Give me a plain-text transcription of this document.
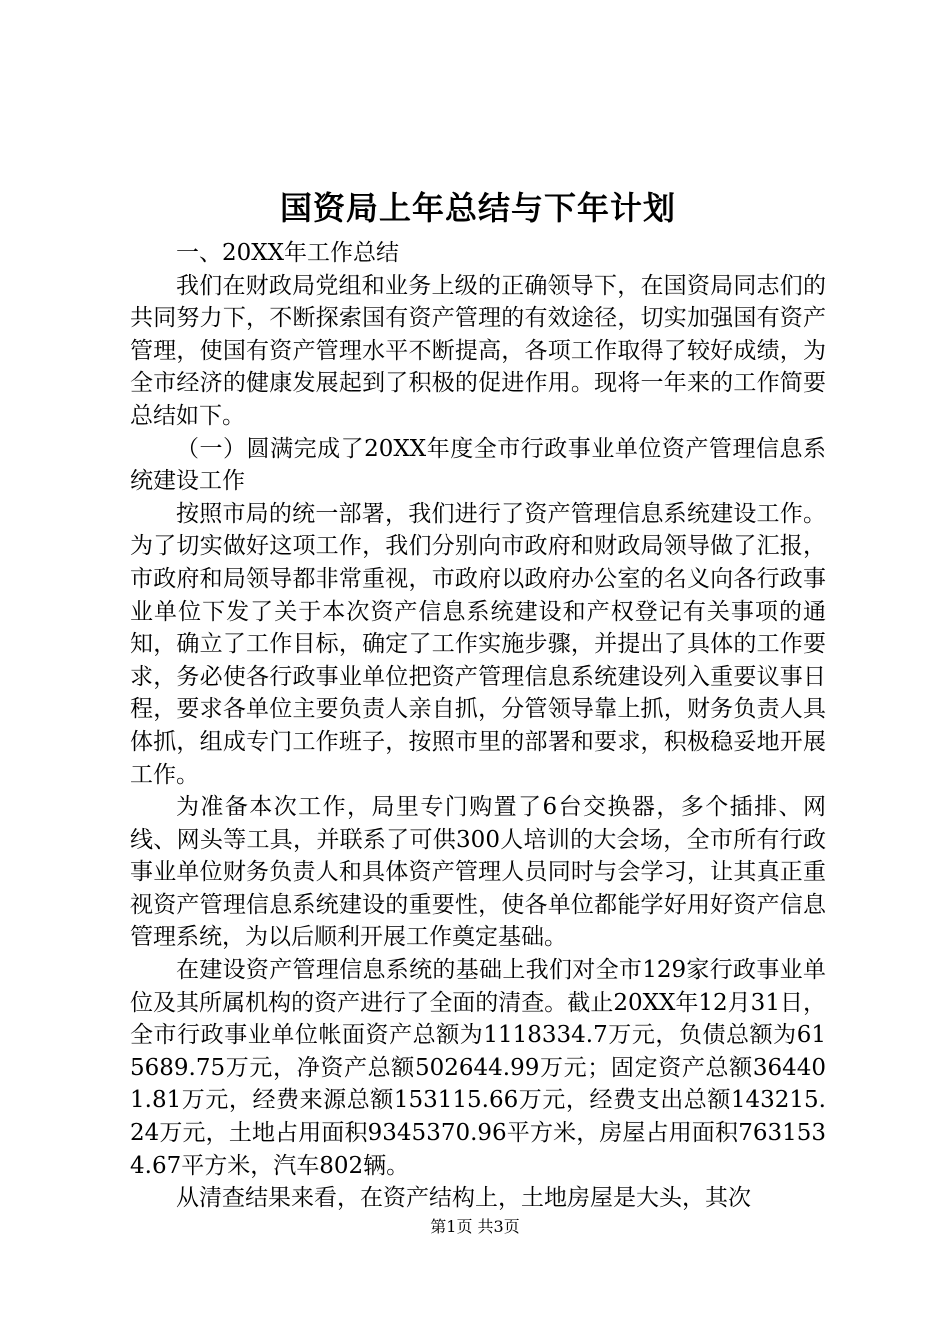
国资局上年总结与下年计划

一、20XX年工作总结

我们在财政局党组和业务上级的正确领导下，在国资局同志们的共同努力下，不断探索国有资产管理的有效途径，切实加强国有资产管理，使国有资产管理水平不断提高，各项工作取得了较好成绩，为全市经济的健康发展起到了积极的促进作用。现将一年来的工作简要总结如下。

（一）圆满完成了20XX年度全市行政事业单位资产管理信息系统建设工作

按照市局的统一部署，我们进行了资产管理信息系统建设工作。为了切实做好这项工作，我们分别向市政府和财政局领导做了汇报，市政府和局领导都非常重视，市政府以政府办公室的名义向各行政事业单位下发了关于本次资产信息系统建设和产权登记有关事项的通知，确立了工作目标，确定了工作实施步骤，并提出了具体的工作要求，务必使各行政事业单位把资产管理信息系统建设列入重要议事日程，要求各单位主要负责人亲自抓，分管领导靠上抓，财务负责人具体抓，组成专门工作班子，按照市里的部署和要求，积极稳妥地开展工作。

为准备本次工作，局里专门购置了6台交换器，多个插排、网线、网头等工具，并联系了可供300人培训的大会场，全市所有行政事业单位财务负责人和具体资产管理人员同时与会学习，让其真正重视资产管理信息系统建设的重要性，使各单位都能学好用好资产信息管理系统，为以后顺利开展工作奠定基础。

在建设资产管理信息系统的基础上我们对全市129家行政事业单位及其所属机构的资产进行了全面的清查。截止20XX年12月31日，全市行政事业单位帐面资产总额为1118334.7万元，负债总额为615689.75万元，净资产总额502644.99万元；固定资产总额364401.81万元，经费来源总额153115.66万元，经费支出总额143215.24万元，土地占用面积9345370.96平方米，房屋占用面积7631534.67平方米，汽车802辆。

从清查结果来看，在资产结构上，土地房屋是大头，其次

第1页 共3页
